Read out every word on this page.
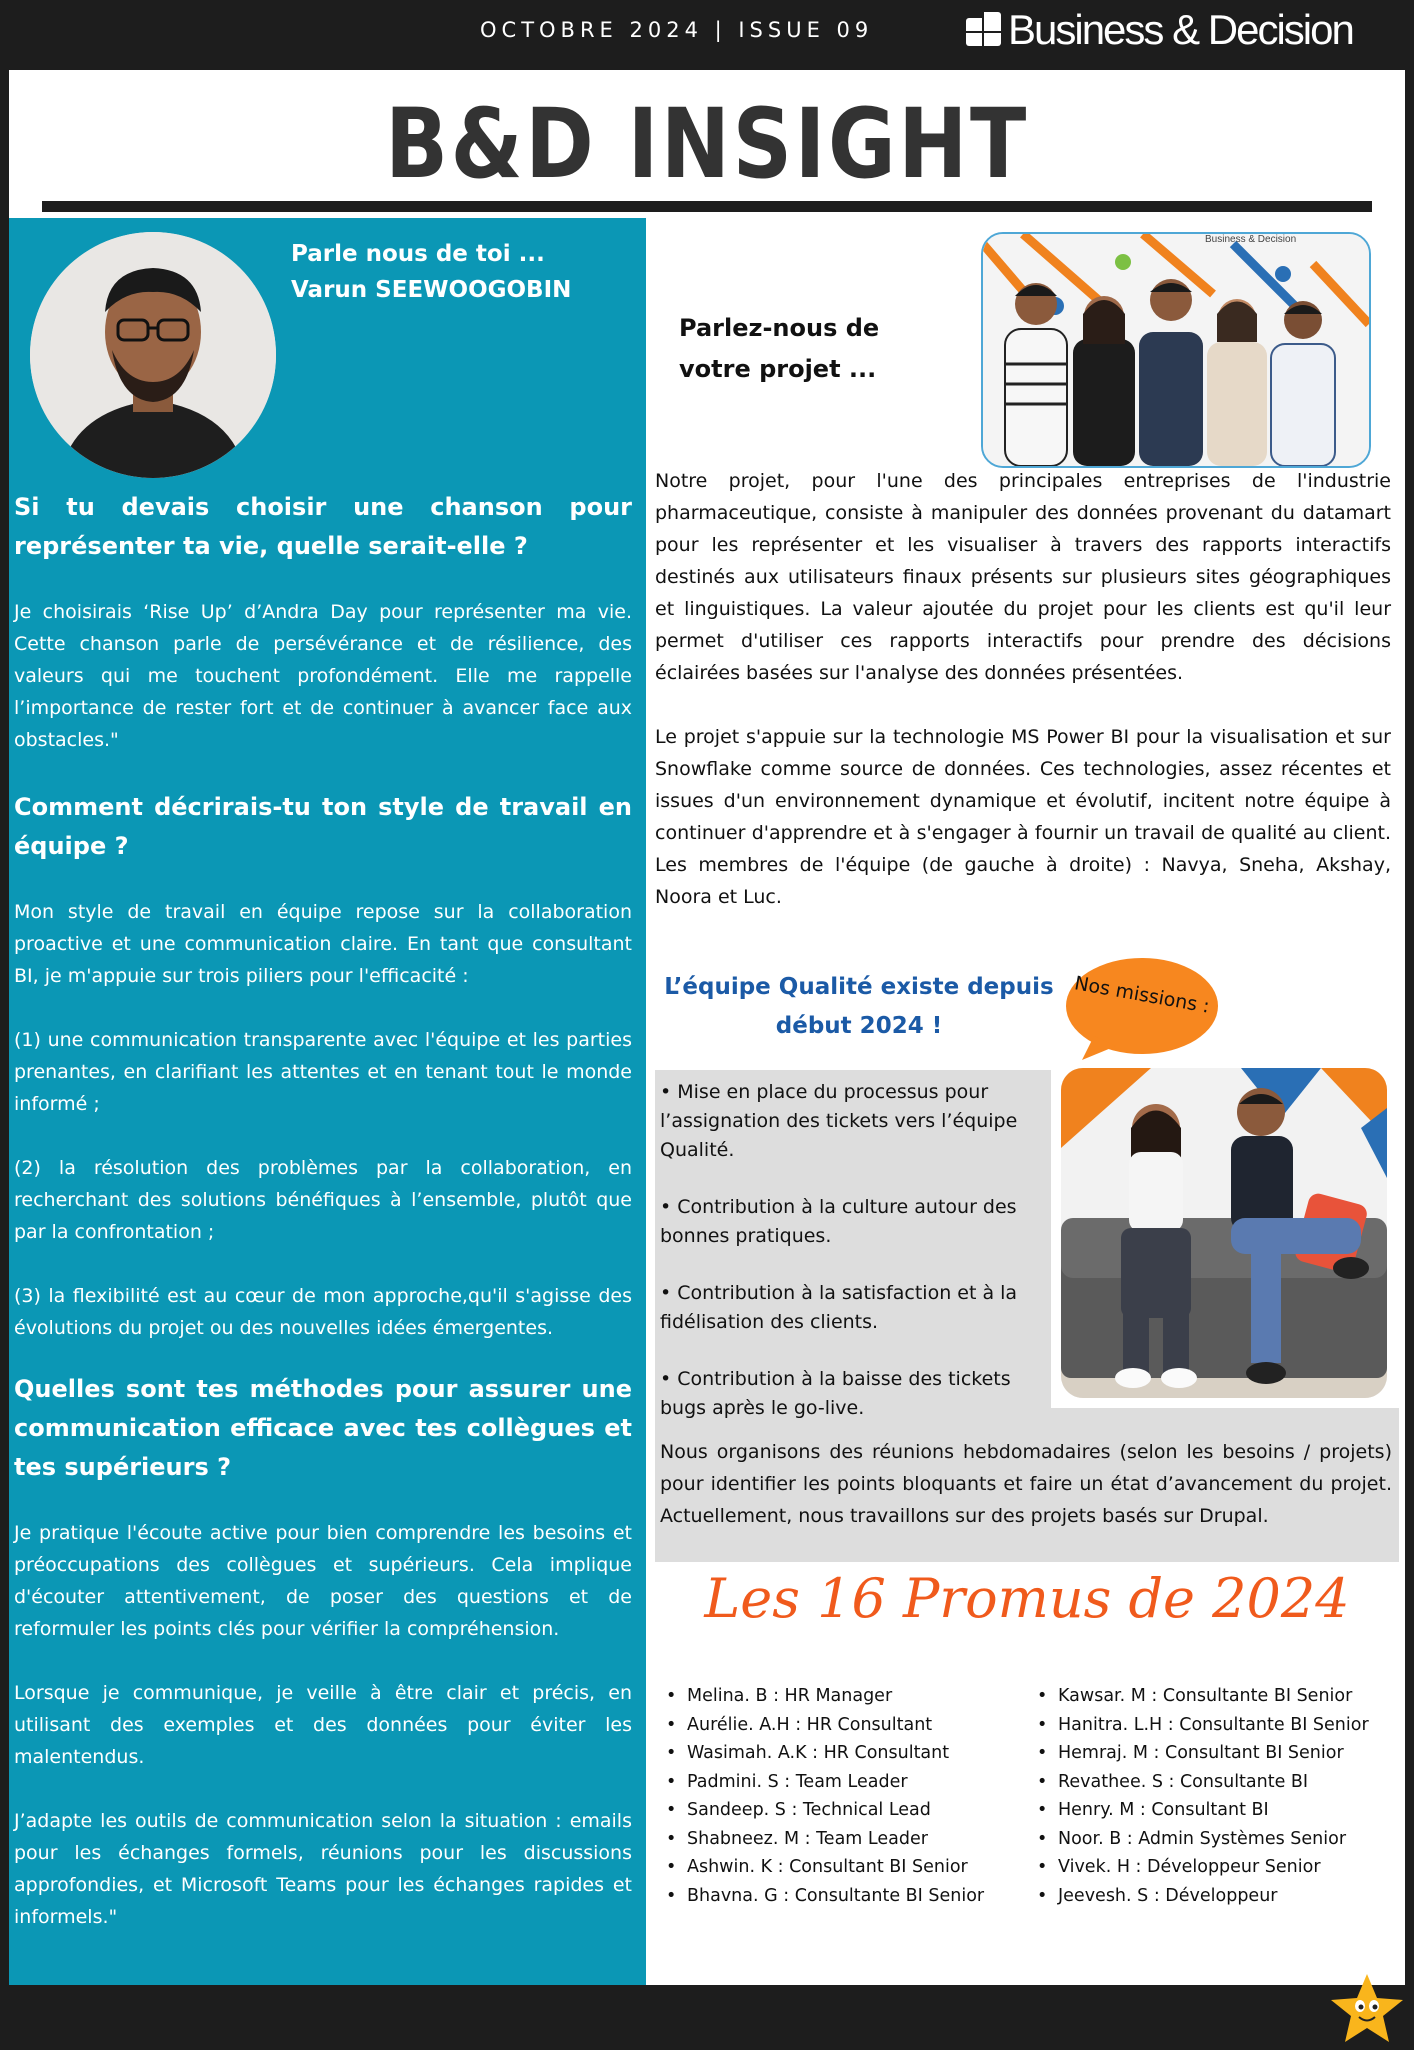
OCTOBRE 2024 | ISSUE 09	Business & Decision
B&D INSIGHT
Parle nous de toi ...
Varun SEEWOOGOBIN
Si tu devais choisir une chanson pour représenter ta vie, quelle serait-elle ?
Je choisirais ‘Rise Up’ d’Andra Day pour représenter ma vie. Cette chanson parle de persévérance et de résilience, des valeurs qui me touchent profondément. Elle me rappelle l’importance de rester fort et de continuer à avancer face aux obstacles."
Comment décrirais-tu ton style de travail en équipe ?
Mon style de travail en équipe repose sur la collaboration proactive et une communication claire. En tant que consultant BI, je m'appuie sur trois piliers pour l'efficacité :
(1) une communication transparente avec l'équipe et les parties prenantes, en clarifiant les attentes et en tenant tout le monde informé ;
(2) la résolution des problèmes par la collaboration, en recherchant des solutions bénéfiques à l’ensemble, plutôt que par la confrontation ;
(3) la flexibilité est au cœur de mon approche,qu'il s'agisse des évolutions du projet ou des nouvelles idées émergentes.
Quelles sont tes méthodes pour assurer une communication efficace avec tes collègues et tes supérieurs ?
Je pratique l'écoute active pour bien comprendre les besoins et préoccupations des collègues et supérieurs. Cela implique d'écouter attentivement, de poser des questions et de reformuler les points clés pour vérifier la compréhension.
Lorsque je communique, je veille à être clair et précis, en utilisant des exemples et des données pour éviter les malentendus.
J’adapte les outils de communication selon la situation : emails pour les échanges formels, réunions pour les discussions approfondies, et Microsoft Teams pour les échanges rapides et informels."
Parlez-nous de votre projet ...
Business & Decision

Notre projet, pour l'une des principales entreprises de l'industrie pharmaceutique, consiste à manipuler des données provenant du datamart pour les représenter et les visualiser à travers des rapports interactifs destinés aux utilisateurs finaux présents sur plusieurs sites géographiques et linguistiques. La valeur ajoutée du projet pour les clients est qu'il leur permet d'utiliser ces rapports interactifs pour prendre des décisions éclairées basées sur l'analyse des données présentées.

Le projet s'appuie sur la technologie MS Power BI pour la visualisation et sur Snowflake comme source de données. Ces technologies, assez récentes et issues d'un environnement dynamique et évolutif, incitent notre équipe à continuer d'apprendre et à s'engager à fournir un travail de qualité au client. Les membres de l'équipe (de gauche à droite) : Navya, Sneha, Akshay, Noora et Luc.

L’équipe Qualité existe depuis début 2024 !
Nos missions :

• Mise en place du processus pour l’assignation des tickets vers l’équipe Qualité.

• Contribution à la culture autour des bonnes pratiques.

• Contribution à la satisfaction et à la fidélisation des clients.

• Contribution à la baisse des tickets bugs après le go-live.

Nous organisons des réunions hebdomadaires (selon les besoins / projets) pour identifier les points bloquants et faire un état d’avancement du projet. Actuellement, nous travaillons sur des projets basés sur Drupal.
Les 16 Promus de 2024
• Melina. B : HR Manager
• Aurélie. A.H : HR Consultant
• Wasimah. A.K : HR Consultant
• Padmini. S : Team Leader
• Sandeep. S : Technical Lead
• Shabneez. M : Team Leader
• Ashwin. K : Consultant BI Senior
• Bhavna. G : Consultante BI Senior
• Kawsar. M : Consultante BI Senior
• Hanitra. L.H : Consultante BI Senior
• Hemraj. M : Consultant BI Senior
• Revathee. S : Consultante BI
• Henry. M : Consultant BI
• Noor. B : Admin Systèmes Senior
• Vivek. H : Développeur Senior
• Jeevesh. S : Développeur
